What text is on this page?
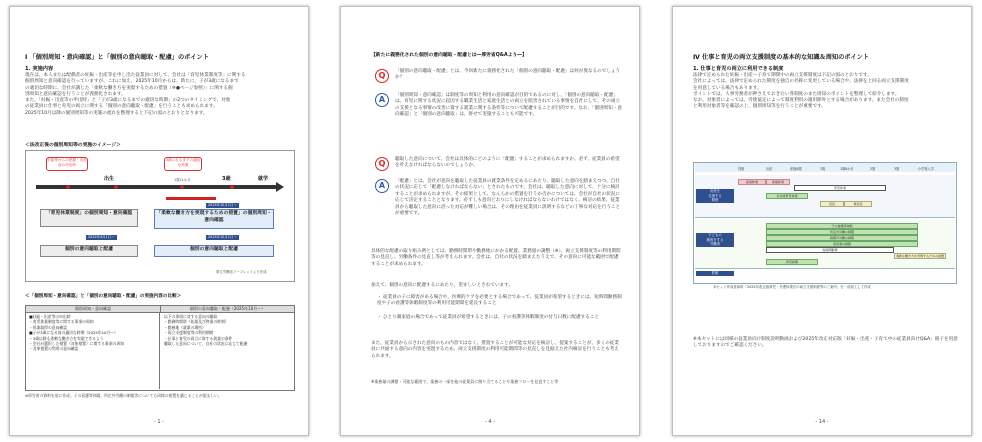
Ⅰ 「個別周知・意向確認」と「個別の意向聴取・配慮」のポイント
1. 実施内容
現在は、本人または配偶者の妊娠・出産等を申し出た従業員に対して、会社は「育児休業制度等」に関する
個別周知と意向確認を行っていますが、これに加え、2025年10月からは、新たに、子が3歳になるまで
の適切な時期に、会社が講じた「柔軟な働き方を実現するための措置（※●ページ参照）」に関する個
別周知と意向確認を行うことが義務化されます。
また、「妊娠・出産等の申出時」と「子が3歳になるまでの適切な時期」の2つのタイミングで、対象
の従業員に仕事と育児の両立に関する「個別の意向聴取・配慮」を行うことも求められます。
2025年10月以降の個別周知等の実施の流れを整理すると下記の図のとおりとなります。
＜法改正後の個別周知等の実施のイメージ＞
妊娠等からの把握・出産前の申出時
3歳になるまでの適切な時期
出生	3歳	就学
1歳11か月
2025年10月1日〜
「育児休業制度」の個別周知・意向確認	「柔軟な働き方を実現するための措置」の個別周知・意向確認
2022年4月1日〜	2025年10月1日〜
個別の意向聴取と配慮	個別の意向聴取と配慮
厚生労働省リーフレットより作成
＜「個別周知・意向確認」と「個別の意向聴取・配慮」の実施内容の比較＞
個別周知・意向確認	個別の意向聴取・配慮（2025年10月〜）
■妊娠・出産等の申出時
・育児休業制度等に関する事項の周知
・休業取得の意向確認
■子が3歳になる前の適切な時期（2025年10月〜）
・3歳以降も柔軟な働き方を実現できるよう
・会社が選択した措置（対象措置）に関する事項の周知
・対象措置の利用の意向確認
以下の事項に対する意向の聴取
・勤務時間帯（始業及び終業の時刻）
・勤務地（就業の場所）
・両立支援制度等の利用期間
・仕事と育児の両立に資する就業の条件
聴取した意向について、自社の状況に応じて配慮
※厚労省の資料を基に作成。子の看護等休暇、所定外労働の制限等についても同様の措置を講じることが望ましい。
- 1 -
【新たに義務化された個別の意向聴取・配慮とは―厚労省Q&Aより―】
Q	「個別の意向聴取・配慮」とは、今回新たに義務化された「個別の意向聴取・配慮」は何が異なるのでしょうか？
A	「個別周知・意向確認」は制度等の周知と利用の意向確認が目的であるのに対し、「個別の意向聴取・配慮」は、育児に関する状況に起因する職業生活と家庭生活との両立を阻害されている事情を自社にして、その両立の支援となる事情の改善に資する就業に関する条件等について配慮することが目的です。なお、「個別周知・意向確認」と「個別の意向聴取」は、併せて実施することも可能です。
Q	聴取した意向について、会社は具体的にどのように「配慮」することが求められますか。必ず、従業員の希望を叶えなければならないのでしょうか。
A	「配慮」とは、会社が意向を聴取した従業員の就業条件を定めるにあたり、聴取した意向を踏まえつつ、自社の状況に応じて「配慮しなければならない」とされたものです。会社は、聴取した意向に対して、十分に検討することが求められますが、その結果として、なんらかの措置を行うか否かについては、会社が自社の状況に応じて決定することとなります。必ずしも意向どおりにしなければならないわけではなく、検討の結果、従業員から聴取した意向に沿った対応が難しい場合は、その理由を従業員に説明するなどの丁寧な対応を行うことが重要です。
具体的な配慮の取り組み例としては、勤務時間帯や勤務地にかかる配置、業務量の調整（※）、両立支援制度等の利用期間等の見直し、労働条件の見直し等が考えられます。会社は、自社の状況を踏まえたうえで、その意向に可能な範囲で配慮することが求められます。
加えて、個別の意向に配慮するにあたり、望ましいとされています。
・ 従業員の子に障害がある場合や、医療的ケアを必要とする場合であって、従業員が希望するときには、短時間勤務制度や子の看護等休暇制度等の利用可能期間を延長すること
・ ひとり親家庭の場合であって従業員が希望するときには、子の看護等休暇制度の付与日数に配慮すること
また、従業員から示された意向のもの内容ではなく、措置することが可能な対応を検討し、提案することが、多くの従業員に共通する意向の内容を実現するため、両立支援制度の利用可能期間等の見直しを見据えた社内検討を行うことも考えられます。
※業務量の調整・可能な範囲で、業務の一部を他の従業員に割り当てることや業務フローを見直すこと等
- 4 -
Ⅳ 仕事と育児の両立支援制度の基本的な知識＆周知のポイント
1. 仕事と育児の両立に利用できる制度
法律で定められた妊娠・出産〜子育て期間中の両立支援制度は下記の図のとおりです。
会社によっては、法律で定められた制度を独自の名称に変更している場合や、法律を上回る両立支援制度
を用意している場合もあります。
ポイントでは、人事労務者が押さえておきたい各制度のまた周知のポイントを整理して紹介します。
なお、対象者によっては、労使協定によって制度利用の適用除外とする場合があります。また会社の制度
と利用対象者等を確認の上、個別周知等を行うことが重要です。
妊娠	出産	産後8週	1歳	1歳6か月	2歳	3歳	小学校入学
出産を
支援する
制度
産前休業	産後休業
育児休業
出生時育児休業
延長	再延長
子どもの
養育をする
労働者
子の看護等休暇
所定外労働の制限
時間外労働の制限
深夜業の制限
短時間勤務
柔軟な働き方を実現するための措置
育児時間
妊娠
本セット作成者資料「2025年改正版育児・介護休業法の両立支援制度等のご案内」を一部加工して作成
※本セットには同様の従業員向け制度説明動画および2025年改正対応版「妊娠・出産・子育て中の従業員向けQ&A」冊子を用意しておりますのでご確認ください。
- 14 -
